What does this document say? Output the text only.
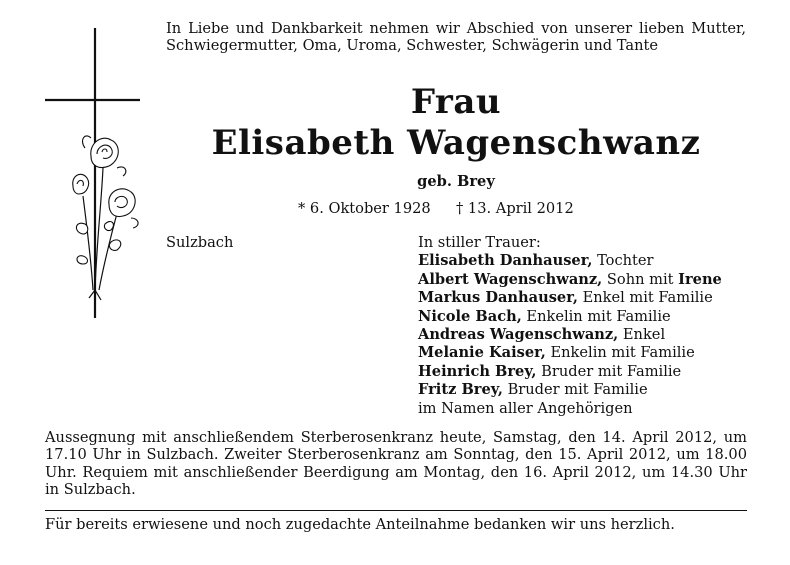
In Liebe und Dankbarkeit nehmen wir Abschied von unserer lieben Mutter, Schwiegermutter, Oma, Uroma, Schwester, Schwägerin und Tante
Frau
Elisabeth Wagenschwanz
geb. Brey
* 6. Oktober 1928 † 13. April 2012
Sulzbach	In stiller Trauer:
Elisabeth Danhauser, Tochter
Albert Wagenschwanz, Sohn mit Irene
Markus Danhauser, Enkel mit Familie
Nicole Bach, Enkelin mit Familie
Andreas Wagenschwanz, Enkel
Melanie Kaiser, Enkelin mit Familie
Heinrich Brey, Bruder mit Familie
Fritz Brey, Bruder mit Familie
im Namen aller Angehörigen
Aussegnung mit anschließendem Sterberosenkranz heute, Samstag, den 14. April 2012, um 17.10 Uhr in Sulzbach. Zweiter Sterberosenkranz am Sonntag, den 15. April 2012, um 18.00 Uhr. Requiem mit anschließender Beerdigung am Montag, den 16. April 2012, um 14.30 Uhr in Sulzbach.
Für bereits erwiesene und noch zugedachte Anteilnahme bedanken wir uns herzlich.
